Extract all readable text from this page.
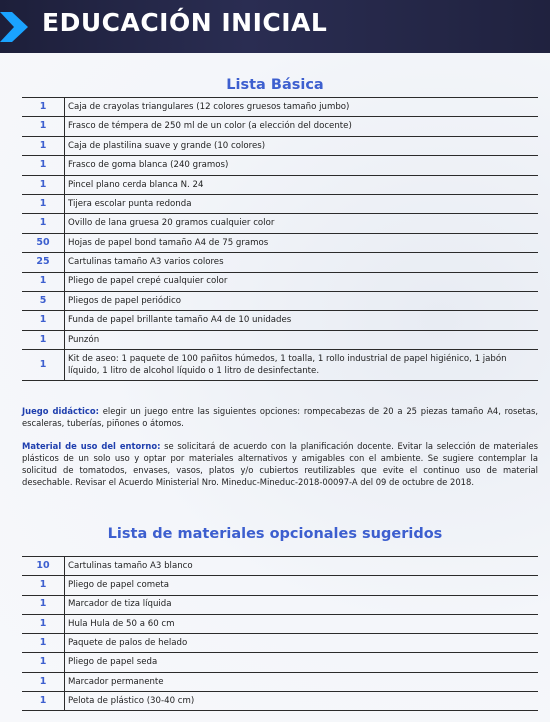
EDUCACIÓN INICIAL
Lista Básica
1	Caja de crayolas triangulares (12 colores gruesos tamaño jumbo)
1	Frasco de témpera de 250 ml de un color (a elección del docente)
1	Caja de plastilina suave y grande (10 colores)
1	Frasco de goma blanca (240 gramos)
1	Pincel plano cerda blanca N. 24
1	Tijera escolar punta redonda
1	Ovillo de lana gruesa 20 gramos cualquier color
50	Hojas de papel bond tamaño A4 de 75 gramos
25	Cartulinas tamaño A3 varios colores
1	Pliego de papel crepé cualquier color
5	Pliegos de papel periódico
1	Funda de papel brillante tamaño A4 de 10 unidades
1	Punzón
1	Kit de aseo: 1 paquete de 100 pañitos húmedos, 1 toalla, 1 rollo industrial de papel higiénico, 1 jabón líquido, 1 litro de alcohol líquido o 1 litro de desinfectante.
Juego didáctico: elegir un juego entre las siguientes opciones: rompecabezas de 20 a 25 piezas tamaño A4, rosetas, escaleras, tuberías, piñones o átomos.
Material de uso del entorno: se solicitará de acuerdo con la planificación docente. Evitar la selección de materiales plásticos de un solo uso y optar por materiales alternativos y amigables con el ambiente. Se sugiere contemplar la solicitud de tomatodos, envases, vasos, platos y/o cubiertos reutilizables que evite el continuo uso de material desechable. Revisar el Acuerdo Ministerial Nro. Mineduc-Mineduc-2018-00097-A del 09 de octubre de 2018.
Lista de materiales opcionales sugeridos
10	Cartulinas tamaño A3 blanco
1	Pliego de papel cometa
1	Marcador de tiza líquida
1	Hula Hula de 50 a 60 cm
1	Paquete de palos de helado
1	Pliego de papel seda
1	Marcador permanente
1	Pelota de plástico (30-40 cm)
